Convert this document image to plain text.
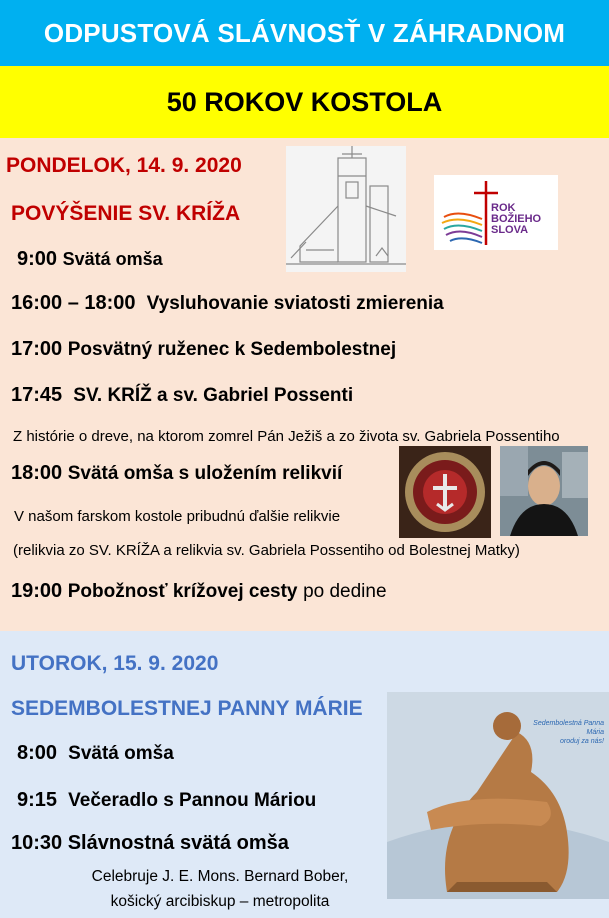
ODPUSTOVÁ SLÁVNOSŤ V ZÁHRADNOM
50 ROKOV KOSTOLA
PONDELOK, 14. 9. 2020
POVÝŠENIE SV. KRÍŽA	ROK
BOŽIEHO
SLOVA
9:00 Svätá omša
16:00 – 18:00 Vysluhovanie sviatosti zmierenia
17:00 Posvätný ruženec k Sedembolestnej
17:45 SV. KRÍŽ a sv. Gabriel Possenti
Z histórie o dreve, na ktorom zomrel Pán Ježiš a zo života sv. Gabriela Possentiho
18:00 Svätá omša s uložením relikvií
V našom farskom kostole pribudnú ďalšie relikvie
(relikvia zo SV. KRÍŽA a relikvia sv. Gabriela Possentiho od Bolestnej Matky)
19:00 Pobožnosť krížovej cesty po dedine
UTOROK, 15. 9. 2020
SEDEMBOLESTNEJ PANNY MÁRIE
Sedembolestná Panna Mária
oroduj za nás!
8:00 Svätá omša
9:15 Večeradlo s Pannou Máriou
10:30 Slávnostná svätá omša
Celebruje J. E. Mons. Bernard Bober,
košický arcibiskup – metropolita
